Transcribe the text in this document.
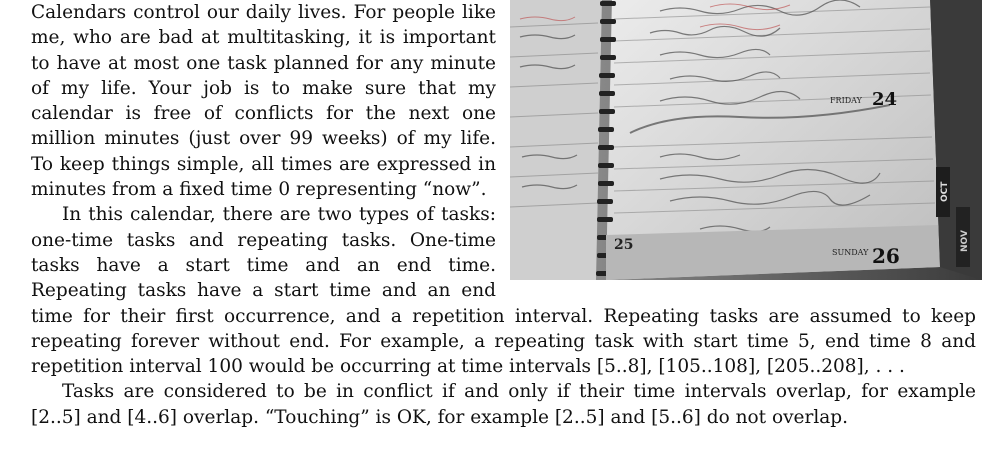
FRIDAY 24
25	SUNDAY 26
OCT
NOV

Calendars control our daily lives. For people like me, who are bad at multitasking, it is important to have at most one task planned for any minute of my life. Your job is to make sure that my calendar is free of conflicts for the next one million minutes (just over 99 weeks) of my life. To keep things simple, all times are expressed in minutes from a fixed time 0 representing “now”.

In this calendar, there are two types of tasks: one-time tasks and repeating tasks. One-time tasks have a start time and an end time. Repeating tasks have a start time and an end time for their first occurrence, and a repetition interval. Repeating tasks are assumed to keep repeating forever without end. For example, a repeating task with start time 5, end time 8 and repetition interval 100 would be occurring at time intervals [5..8], [105..108], [205..208], . . .

Tasks are considered to be in conflict if and only if their time intervals overlap, for example [2..5] and [4..6] overlap. “Touching” is OK, for example [2..5] and [5..6] do not overlap.
